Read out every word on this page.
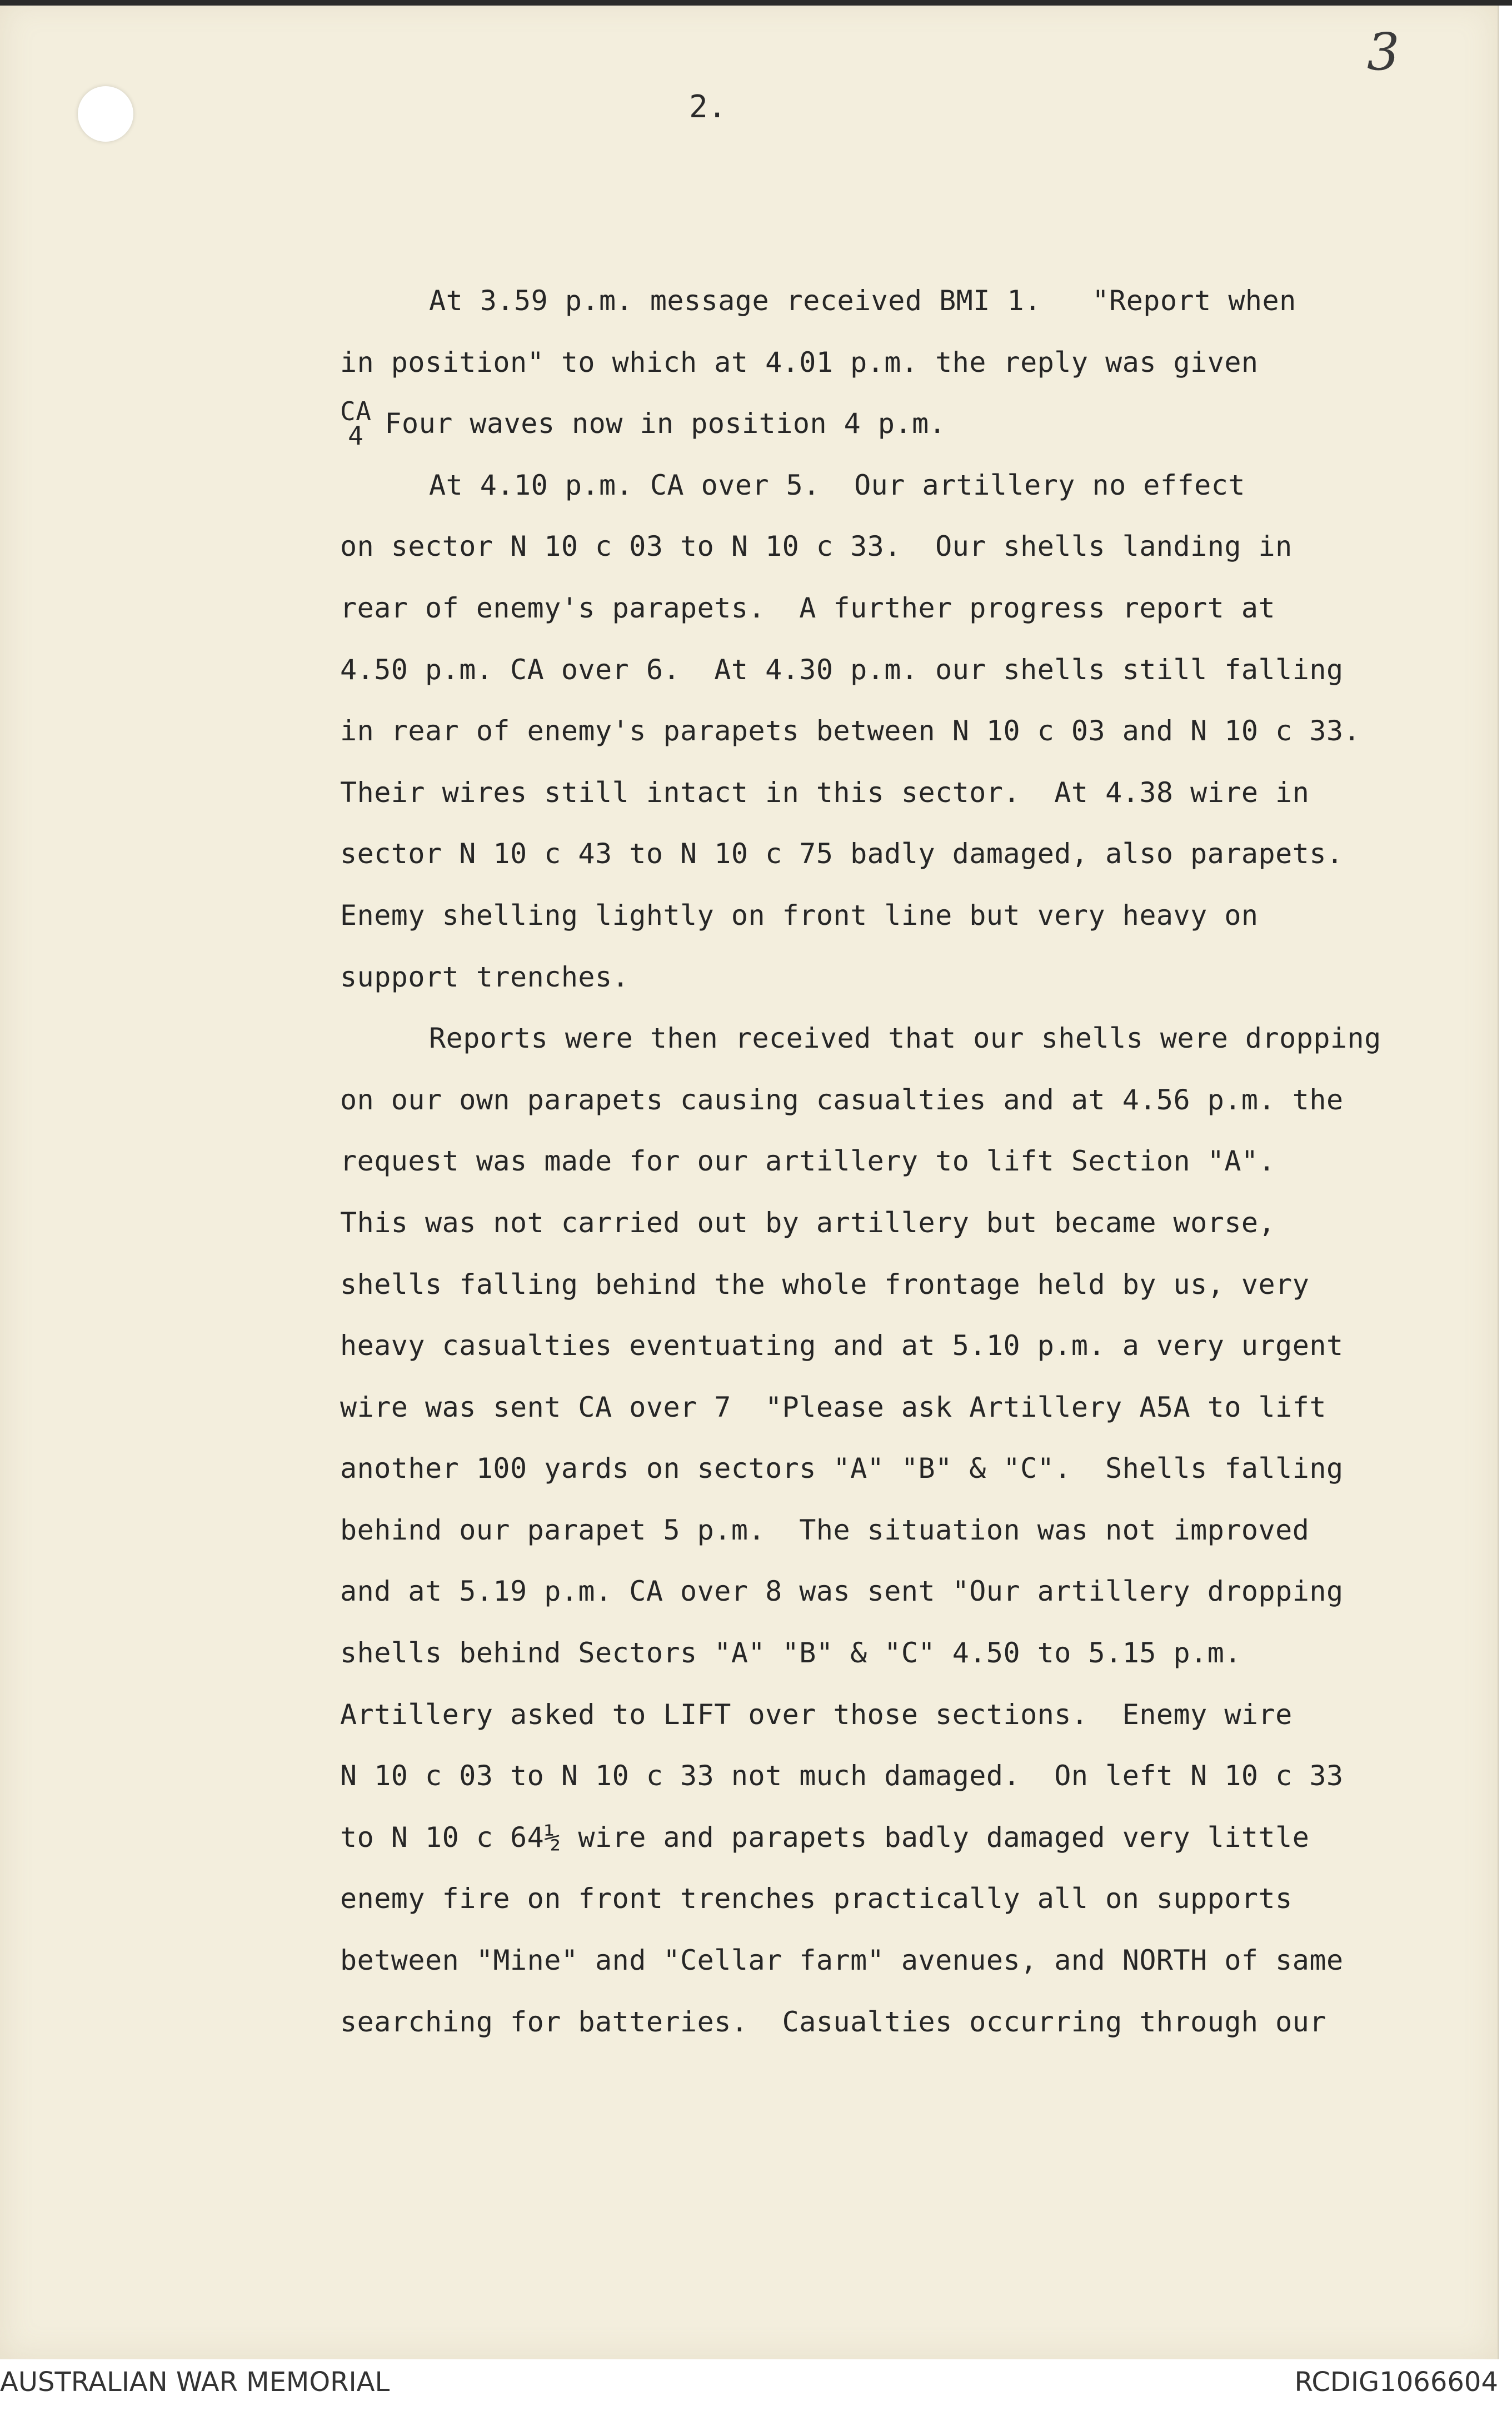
3
2.
At 3.59 p.m. message received BMI 1.   "Report when
in position" to which at 4.01 p.m. the reply was given
CA
4 Four waves now in position 4 p.m.
At 4.10 p.m. CA over 5.  Our artillery no effect
on sector N 10 c 03 to N 10 c 33.  Our shells landing in
rear of enemy's parapets.  A further progress report at
4.50 p.m. CA over 6.  At 4.30 p.m. our shells still falling
in rear of enemy's parapets between N 10 c 03 and N 10 c 33.
Their wires still intact in this sector.  At 4.38 wire in
sector N 10 c 43 to N 10 c 75 badly damaged, also parapets.
Enemy shelling lightly on front line but very heavy on
support trenches.
Reports were then received that our shells were dropping
on our own parapets causing casualties and at 4.56 p.m. the
request was made for our artillery to lift Section "A".
This was not carried out by artillery but became worse,
shells falling behind the whole frontage held by us, very
heavy casualties eventuating and at 5.10 p.m. a very urgent
wire was sent CA over 7  "Please ask Artillery A5A to lift
another 100 yards on sectors "A" "B" & "C".  Shells falling
behind our parapet 5 p.m.  The situation was not improved
and at 5.19 p.m. CA over 8 was sent "Our artillery dropping
shells behind Sectors "A" "B" & "C" 4.50 to 5.15 p.m.
Artillery asked to LIFT over those sections.  Enemy wire
N 10 c 03 to N 10 c 33 not much damaged.  On left N 10 c 33
to N 10 c 64½ wire and parapets badly damaged very little
enemy fire on front trenches practically all on supports
between "Mine" and "Cellar farm" avenues, and NORTH of same
searching for batteries.  Casualties occurring through our
AUSTRALIAN WAR MEMORIAL	RCDIG1066604
